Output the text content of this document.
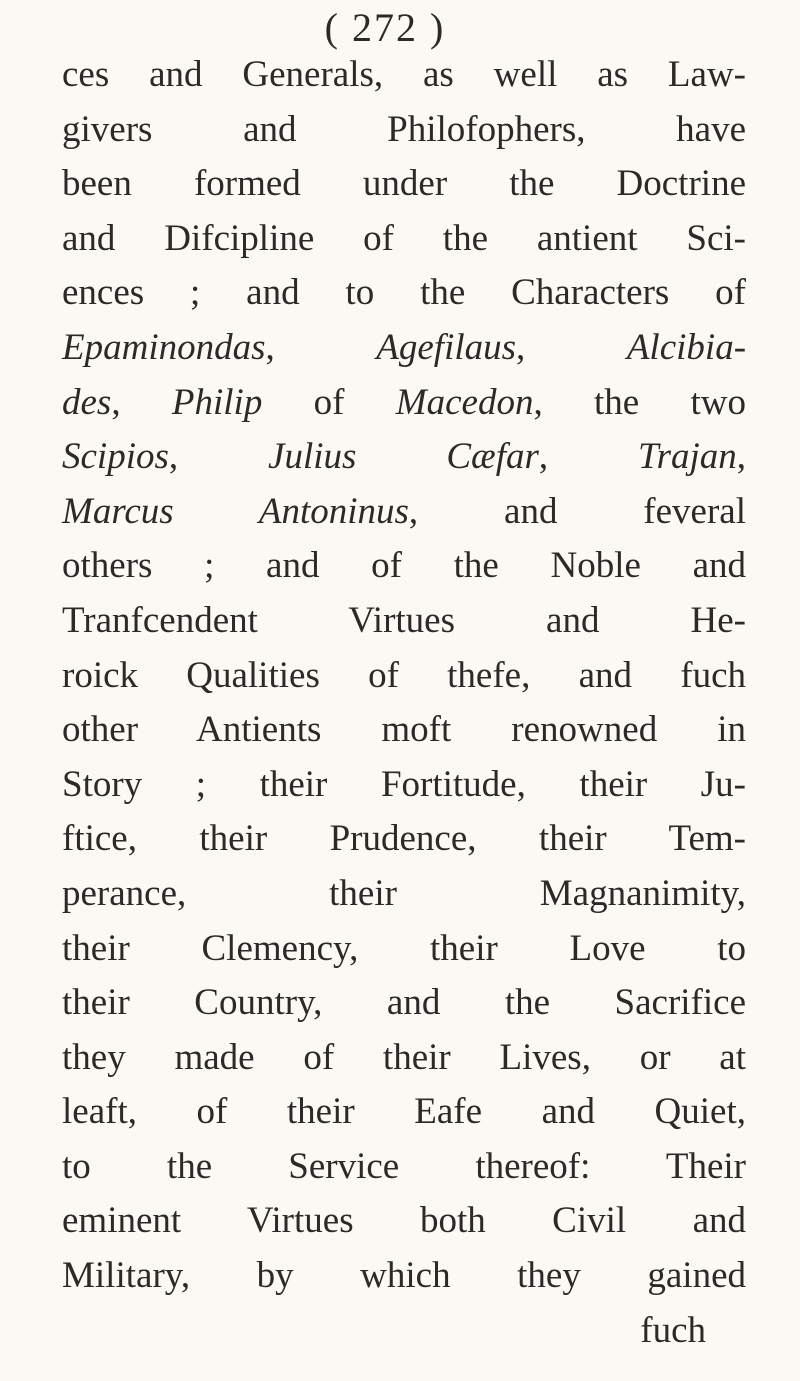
( 272 )
ces and Generals, as well as Law-
givers and Philofophers, have
been formed under the Doctrine
and Difcipline of the antient Sci-
ences ; and to the Characters of
Epaminondas, Agefilaus, Alcibia-
des, Philip of Macedon, the two
Scipios, Julius Cæfar, Trajan,
Marcus Antoninus, and feveral
others ; and of the Noble and
Tranfcendent Virtues and He-
roick Qualities of thefe, and fuch
other Antients moft renowned in
Story ; their Fortitude, their Ju-
ftice, their Prudence, their Tem-
perance, their Magnanimity,
their Clemency, their Love to
their Country, and the Sacrifice
they made of their Lives, or at
leaft, of their Eafe and Quiet,
to the Service thereof: Their
eminent Virtues both Civil and
Military, by which they gained
fuch
